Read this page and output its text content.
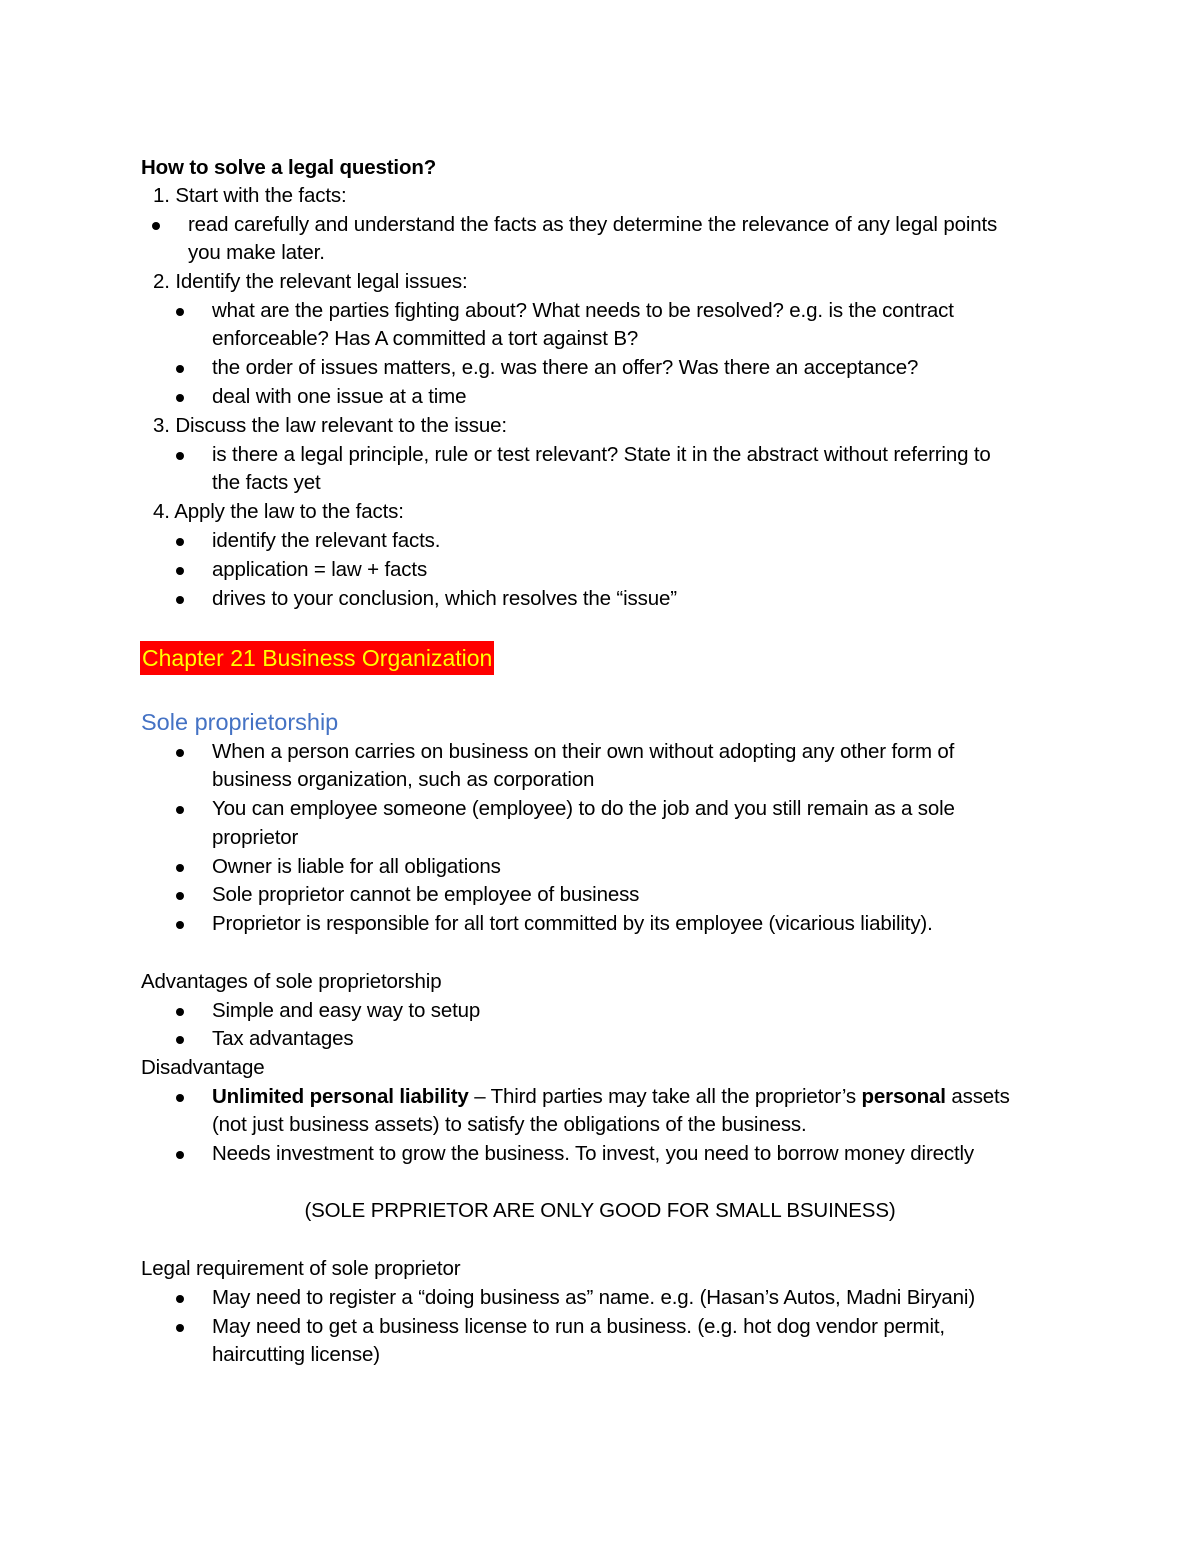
How to solve a legal question?
1. Start with the facts:
read carefully and understand the facts as they determine the relevance of any legal points
you make later.
2. Identify the relevant legal issues:
what are the parties fighting about? What needs to be resolved? e.g. is the contract
enforceable? Has A committed a tort against B?
the order of issues matters, e.g. was there an offer? Was there an acceptance?
deal with one issue at a time
3. Discuss the law relevant to the issue:
is there a legal principle, rule or test relevant? State it in the abstract without referring to
the facts yet
4. Apply the law to the facts:
identify the relevant facts.
application = law + facts
drives to your conclusion, which resolves the “issue”
Chapter 21 Business Organization
Sole proprietorship
When a person carries on business on their own without adopting any other form of
business organization, such as corporation
You can employee someone (employee) to do the job and you still remain as a sole
proprietor
Owner is liable for all obligations
Sole proprietor cannot be employee of business
Proprietor is responsible for all tort committed by its employee (vicarious liability).
Advantages of sole proprietorship
Simple and easy way to setup
Tax advantages
Disadvantage
Unlimited personal liability – Third parties may take all the proprietor’s personal assets
(not just business assets) to satisfy the obligations of the business.
Needs investment to grow the business. To invest, you need to borrow money directly
(SOLE PRPRIETOR ARE ONLY GOOD FOR SMALL BSUINESS)
Legal requirement of sole proprietor
May need to register a “doing business as” name. e.g. (Hasan’s Autos, Madni Biryani)
May need to get a business license to run a business. (e.g. hot dog vendor permit,
haircutting license)
